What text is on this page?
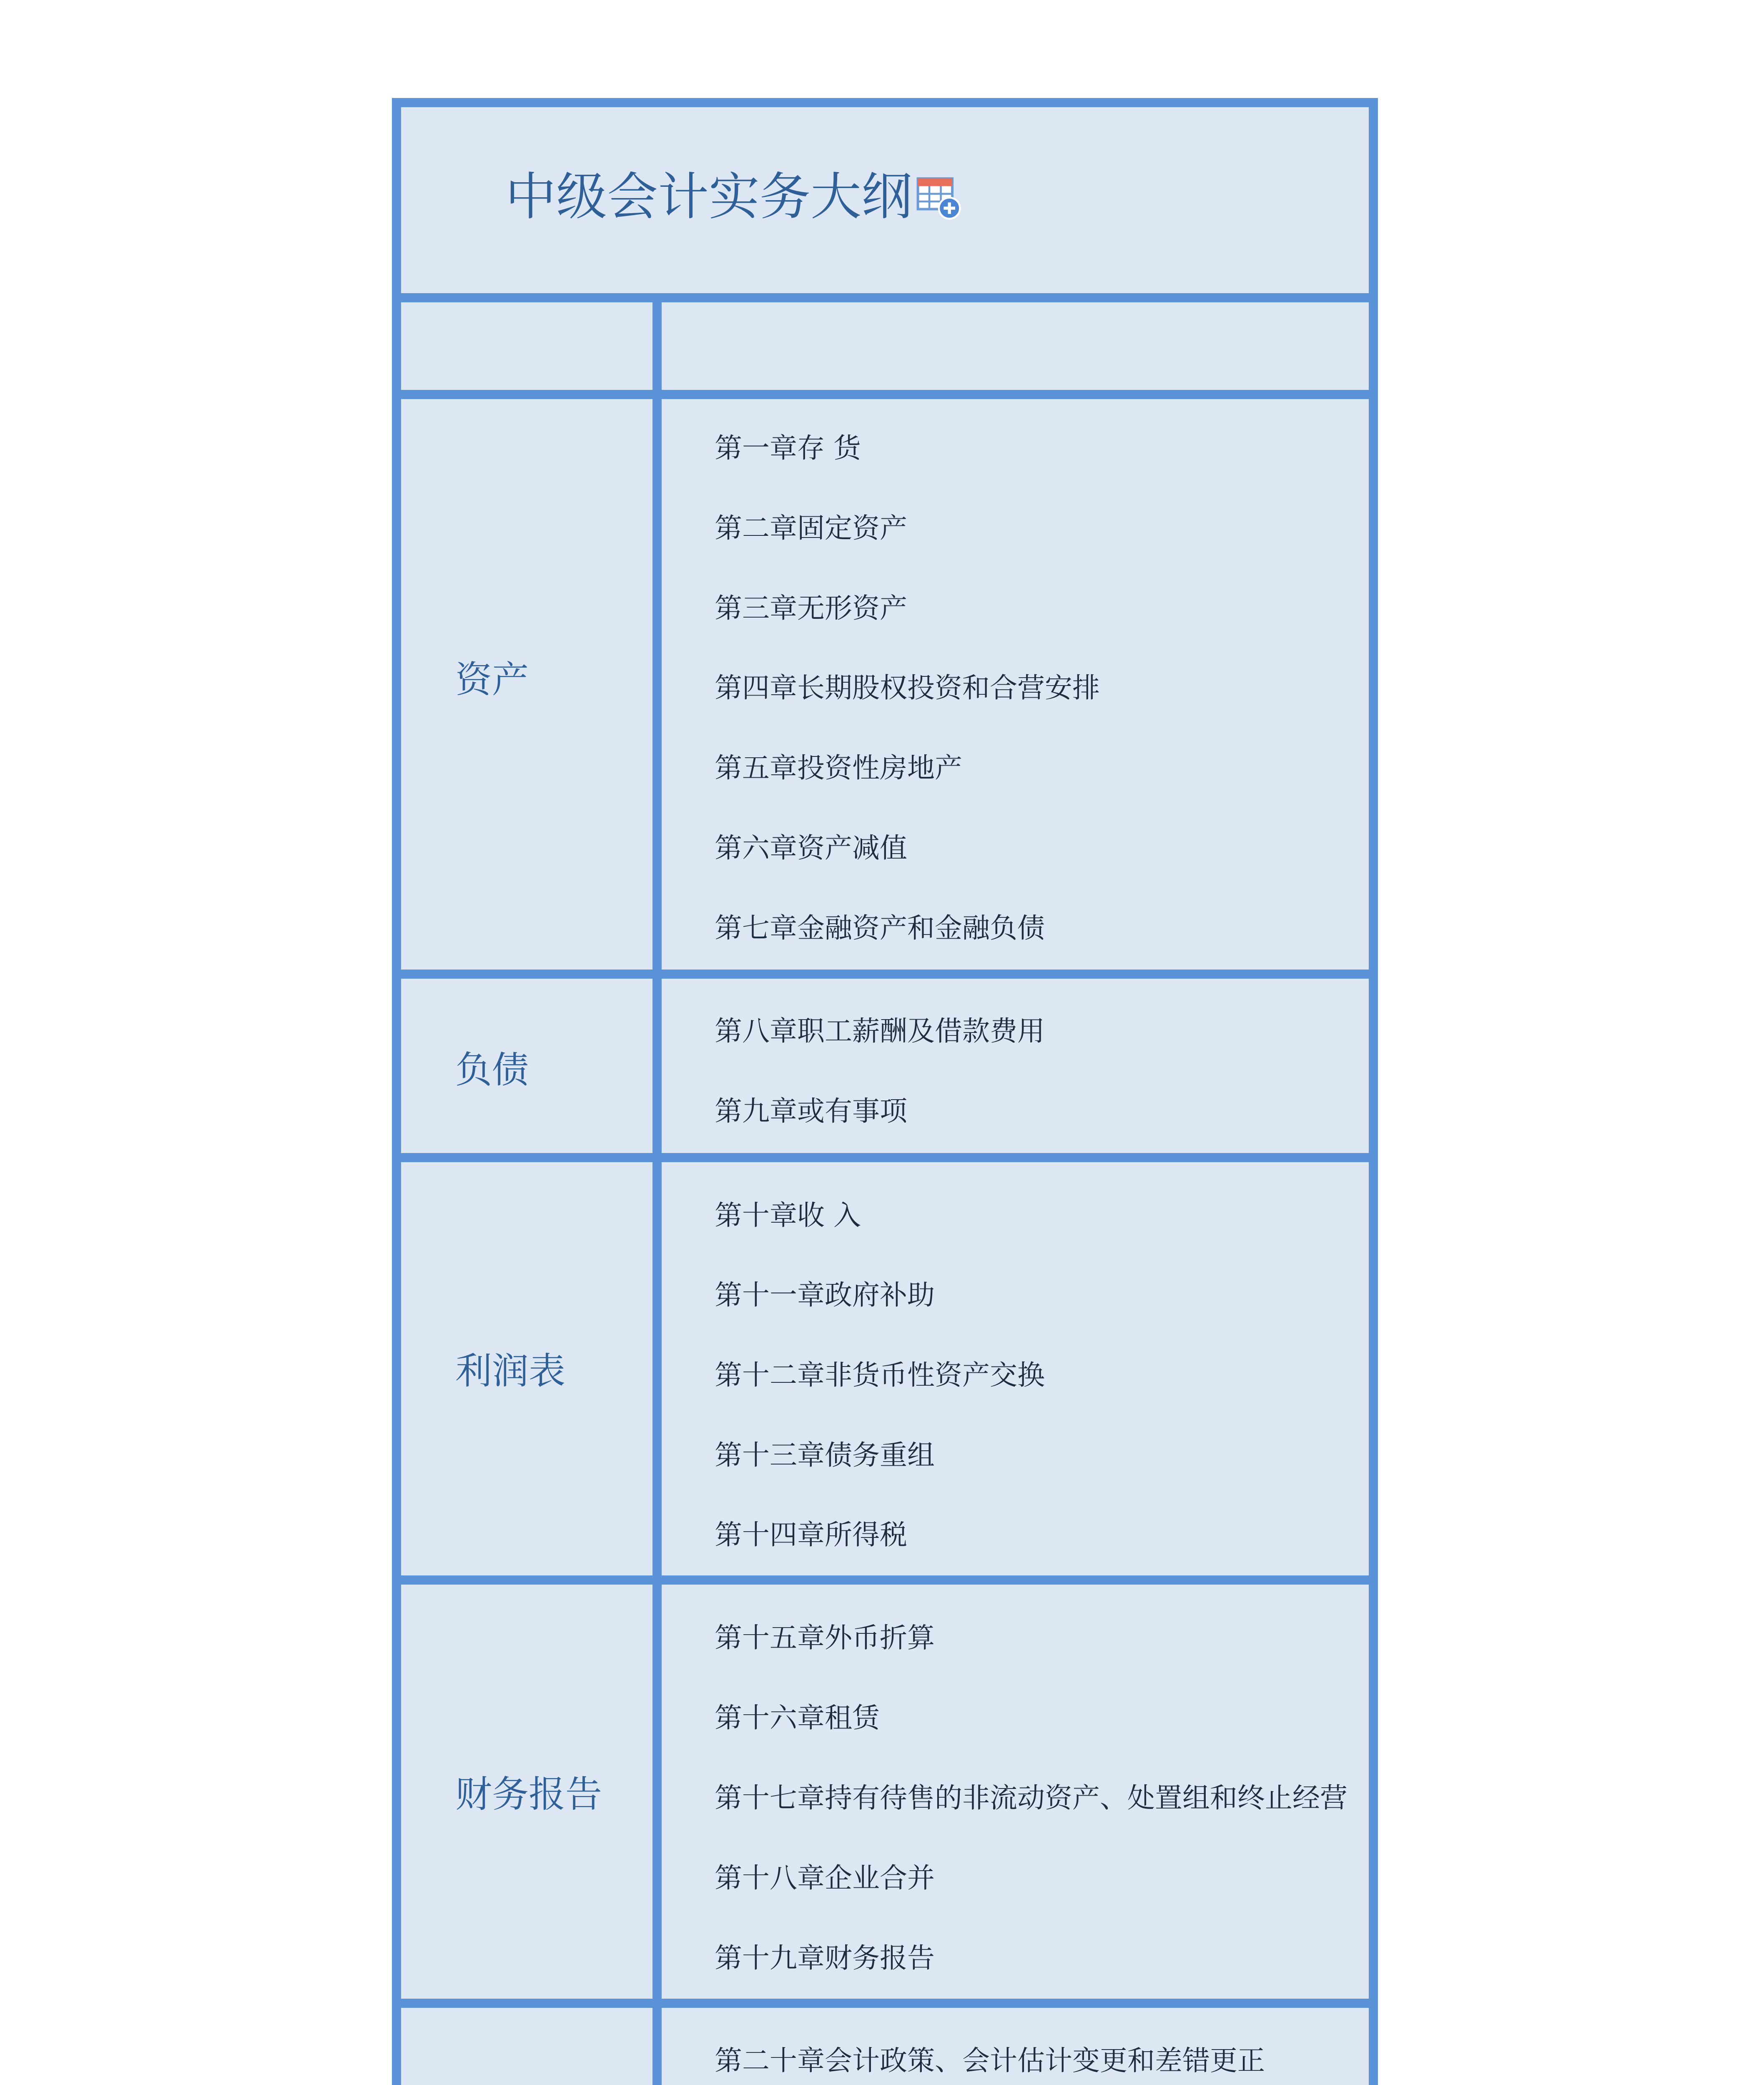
中级会计实务大纲
资产
第一章存 货
第二章固定资产
第三章无形资产
第四章长期股权投资和合营安排
第五章投资性房地产
第六章资产减值
第七章金融资产和金融负债
负债
第八章职工薪酬及借款费用
第九章或有事项
利润表
第十章收 入
第十一章政府补助
第十二章非货币性资产交换
第十三章债务重组
第十四章所得税
财务报告
第十五章外币折算
第十六章租赁
第十七章持有待售的非流动资产、处置组和终止经营
第十八章企业合并
第十九章财务报告
第二十章会计政策、会计估计变更和差错更正
